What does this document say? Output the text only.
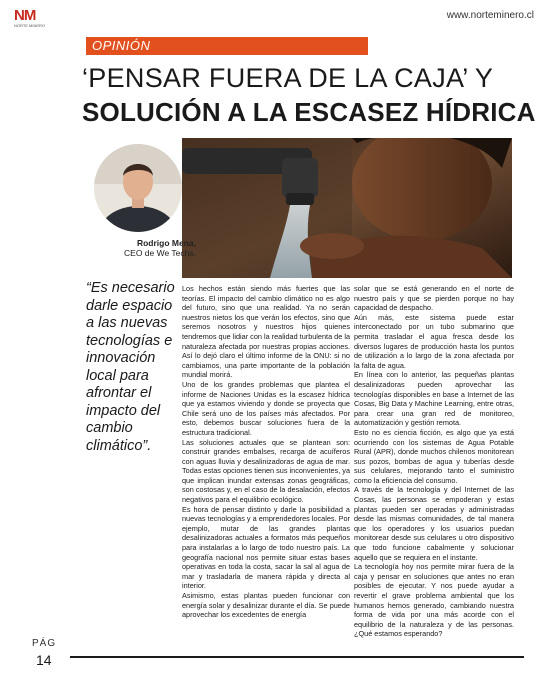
NM
NORTE MINERO
www.norteminero.cl
OPINIÓN
‘PENSAR FUERA DE LA CAJA’ Y
SOLUCIÓN A LA ESCASEZ HÍDRICA
Rodrigo Mena,
CEO de We Techs.
“Es necesario darle espacio a las nuevas tecnologías e innovación local para afrontar el impacto del cambio climático”.

Los hechos están siendo más fuertes que las teorías. El impacto del cambio climático no es algo del futuro, sino que una realidad. Ya no serán nuestros nietos los que verán los efectos, sino que seremos nosotros y nuestros hijos quienes tendremos que lidiar con la realidad turbulenta de la naturaleza afectada por nuestras propias acciones. Así lo dejó claro el último informe de la ONU: si no cambiamos, una parte importante de la población mundial morirá.

Uno de los grandes problemas que plantea el informe de Naciones Unidas es la escasez hídrica que ya estamos viviendo y donde se proyecta que Chile será uno de los países más afectados. Por esto, debemos buscar soluciones fuera de la estructura tradicional.

Las soluciones actuales que se plantean son: construir grandes embalses, recarga de acuíferos con aguas lluvia y desalinizadoras de agua de mar. Todas estas opciones tienen sus inconvenientes, ya que implican inundar extensas zonas geográficas, son costosas y, en el caso de la desalación, efectos negativos para el equilibrio ecológico.

Es hora de pensar distinto y darle la posibilidad a nuevas tecnologías y a emprendedores locales. Por ejemplo, mutar de las grandes plantas desalinizadoras actuales a formatos más pequeños para instalarlas a lo largo de todo nuestro país. La geografía nacional nos permite situar estas bases operativas en toda la costa, sacar la sal al agua de mar y trasladarla de manera rápida y directa al interior.

Asimismo, estas plantas pueden funcionar con energía solar y desalinizar durante el día. Se puede aprovechar los excedentes de energía

solar que se está generando en el norte de nuestro país y que se pierden porque no hay capacidad de despacho.

Aún más, este sistema puede estar interconectado por un tubo submarino que permita trasladar el agua fresca desde los diversos lugares de producción hasta los puntos de utilización a lo largo de la zona afectada por la falta de agua.

En línea con lo anterior, las pequeñas plantas desalinizadoras pueden aprovechar las tecnologías disponibles en base a Internet de las Cosas, Big Data y Machine Learning, entre otras, para crear una gran red de monitoreo, automatización y gestión remota.

Esto no es ciencia ficción, es algo que ya está ocurriendo con los sistemas de Agua Potable Rural (APR), donde muchos chilenos monitorean sus pozos, bombas de agua y tuberías desde sus celulares, mejorando tanto el suministro como la eficiencia del consumo.

A través de la tecnología y del Internet de las Cosas, las personas se empoderan y estas plantas pueden ser operadas y administradas desde las mismas comunidades, de tal manera que los operadores y los usuarios puedan monitorear desde sus celulares u otro dispositivo que todo funcione cabalmente y solucionar aquello que se requiera en el instante.

La tecnología hoy nos permite mirar fuera de la caja y pensar en soluciones que antes no eran posibles de ejecutar. Y nos puede ayudar a revertir el grave problema ambiental que los humanos hemos generado, cambiando nuestra forma de vida por una más acorde con el equilibrio de la naturaleza y de las personas. ¿Qué estamos esperando?

PÁG
14
